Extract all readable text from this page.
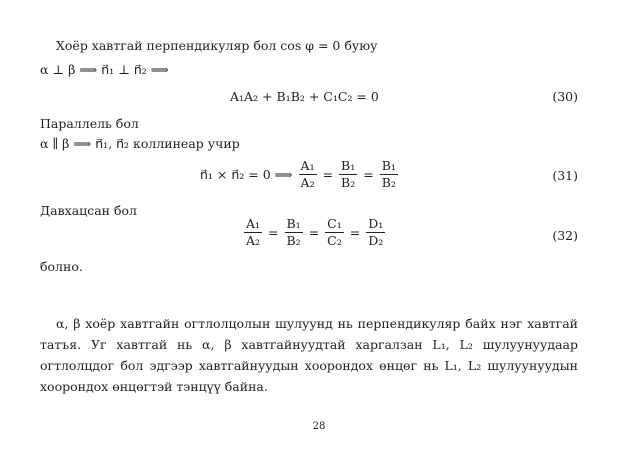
Хоёр хавтгай перпендикуляр бол cos φ = 0 буюу
α ⊥ β ⟹ n⃗₁ ⊥ n⃗₂ ⟹
A₁A₂ + B₁B₂ + C₁C₂ = 0	(30)
Параллель бол
α ∥ β ⟹ n⃗₁, n⃗₂ коллинеар учир
n⃗₁ × n⃗₂ = 0 ⟹ $\frac{\text{A₁}}{\text{A₂}} = \frac{\text{B₁}}{\text{B₂}} = \frac{\text{B₁}}{\text{B₂}}$	(31)
Давхацсан бол
$\frac{\text{A₁}}{\text{A₂}} = \frac{\text{B₁}}{\text{B₂}} = \frac{\text{C₁}}{\text{C₂}} = \frac{\text{D₁}}{\text{D₂}}$	(32)
болно.
α, β хоёр хавтгайн огтлолцолын шулуунд нь перпендикуляр байх нэг хавтгай
татъя. Уг хавтгай нь α, β хавтгайнуудтай харгалзан L₁, L₂ шулуунуудаар
огтлолцдог бол эдгээр хавтгайнуудын хоорондох өнцөг нь L₁, L₂ шулуунуудын
хоорондох өнцөгтэй тэнцүү байна.
28
